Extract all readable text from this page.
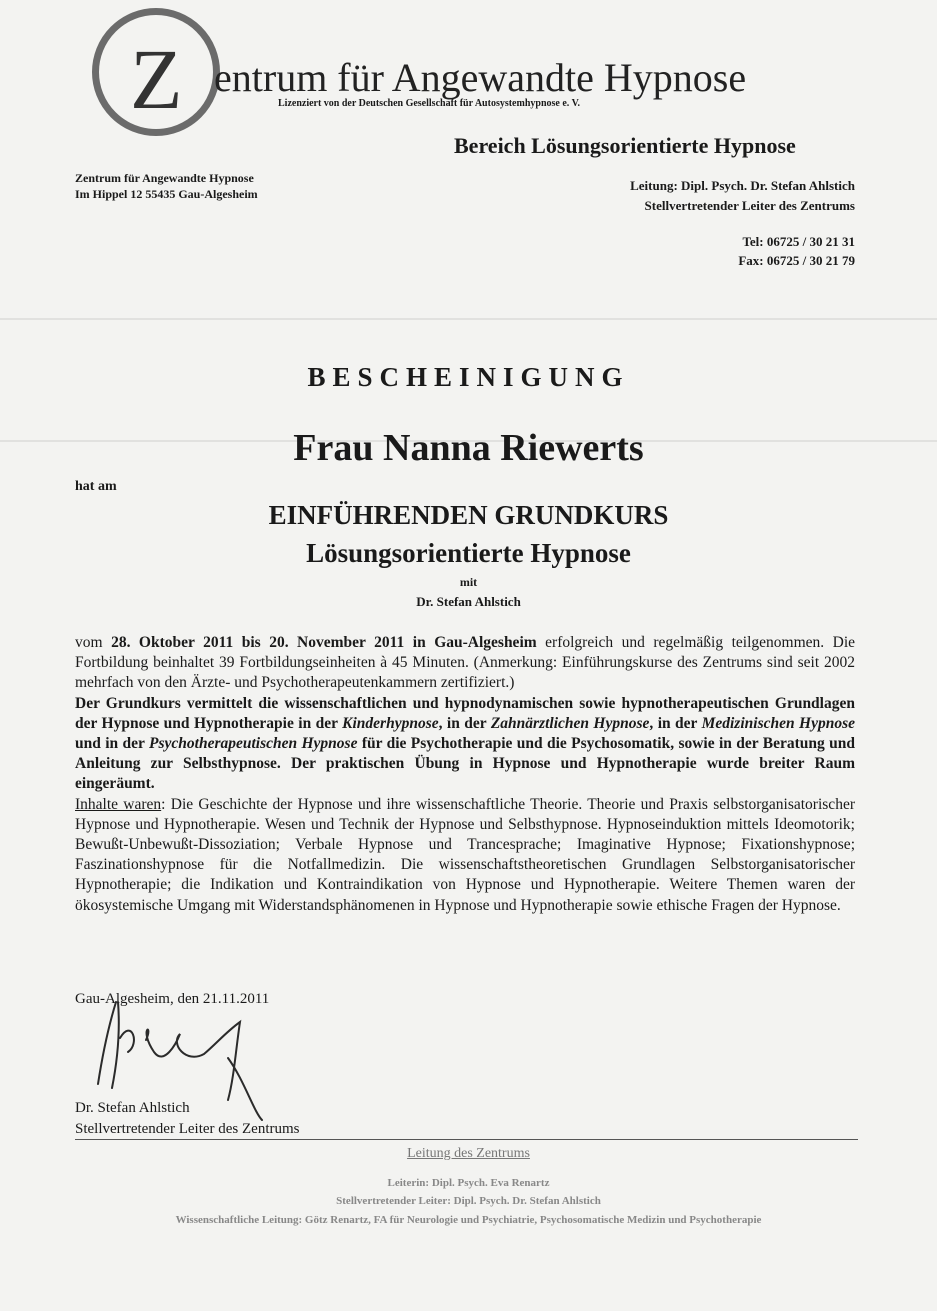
Z entrum für Angewandte Hypnose
Lizenziert von der Deutschen Gesellschaft für Autosystemhypnose e. V.
Bereich Lösungsorientierte Hypnose
Zentrum für Angewandte Hypnose
Im Hippel 12 55435 Gau-Algesheim
Leitung: Dipl. Psych. Dr. Stefan Ahlstich
Stellvertretender Leiter des Zentrums
Tel: 06725 / 30 21 31
Fax: 06725 / 30 21 79
BESCHEINIGUNG
Frau Nanna Riewerts
hat am
EINFÜHRENDEN GRUNDKURS
Lösungsorientierte Hypnose
mit
Dr. Stefan Ahlstich

vom 28. Oktober 2011 bis 20. November 2011 in Gau-Algesheim erfolgreich und regelmäßig teilgenommen. Die Fortbildung beinhaltet 39 Fortbildungseinheiten à 45 Minuten. (Anmerkung: Einführungskurse des Zentrums sind seit 2002 mehrfach von den Ärzte- und Psychotherapeutenkammern zertifiziert.)

Der Grundkurs vermittelt die wissenschaftlichen und hypnodynamischen sowie hypnotherapeutischen Grundlagen der Hypnose und Hypnotherapie in der Kinderhypnose, in der Zahnärztlichen Hypnose, in der Medizinischen Hypnose und in der Psychotherapeutischen Hypnose für die Psychotherapie und die Psychosomatik, sowie in der Beratung und Anleitung zur Selbsthypnose. Der praktischen Übung in Hypnose und Hypnotherapie wurde breiter Raum eingeräumt.

Inhalte waren: Die Geschichte der Hypnose und ihre wissenschaftliche Theorie. Theorie und Praxis selbstorganisatorischer Hypnose und Hypnotherapie. Wesen und Technik der Hypnose und Selbsthypnose. Hypnoseinduktion mittels Ideomotorik; Bewußt-Unbewußt-Dissoziation; Verbale Hypnose und Trancesprache; Imaginative Hypnose; Fixationshypnose; Faszinationshypnose für die Notfallmedizin. Die wissenschaftstheoretischen Grundlagen Selbstorganisatorischer Hypnotherapie; die Indikation und Kontraindikation von Hypnose und Hypnotherapie. Weitere Themen waren der ökosystemische Umgang mit Widerstandsphänomenen in Hypnose und Hypnotherapie sowie ethische Fragen der Hypnose.

Gau-Algesheim, den 21.11.2011
Dr. Stefan Ahlstich
Stellvertretender Leiter des Zentrums
Leitung des Zentrums
Leiterin: Dipl. Psych. Eva Renartz
Stellvertretender Leiter: Dipl. Psych. Dr. Stefan Ahlstich
Wissenschaftliche Leitung: Götz Renartz, FA für Neurologie und Psychiatrie, Psychosomatische Medizin und Psychotherapie
